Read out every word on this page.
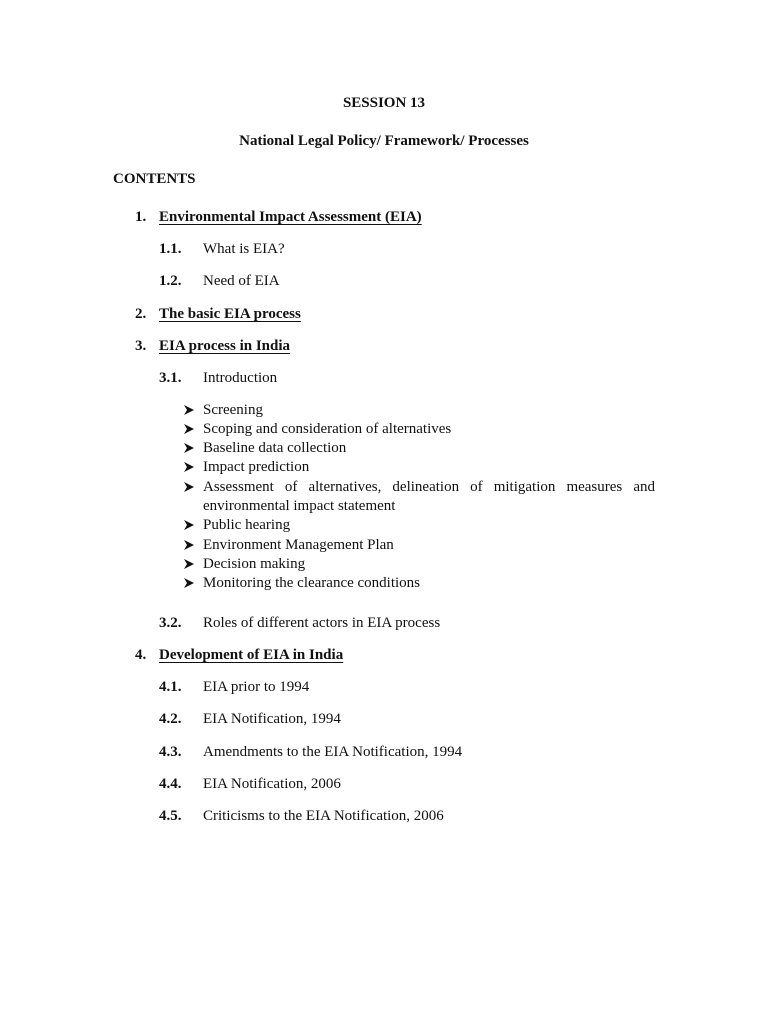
SESSION 13
National Legal Policy/ Framework/ Processes
CONTENTS
1. Environmental Impact Assessment (EIA)
1.1. What is EIA?
1.2. Need of EIA
2. The basic EIA process
3. EIA process in India
3.1. Introduction
Screening
Scoping and consideration of alternatives
Baseline data collection
Impact prediction
Assessment of alternatives, delineation of mitigation measures and
environmental impact statement
Public hearing
Environment Management Plan
Decision making
Monitoring the clearance conditions
3.2. Roles of different actors in EIA process
4. Development of EIA in India
4.1. EIA prior to 1994
4.2. EIA Notification, 1994
4.3. Amendments to the EIA Notification, 1994
4.4. EIA Notification, 2006
4.5. Criticisms to the EIA Notification, 2006
